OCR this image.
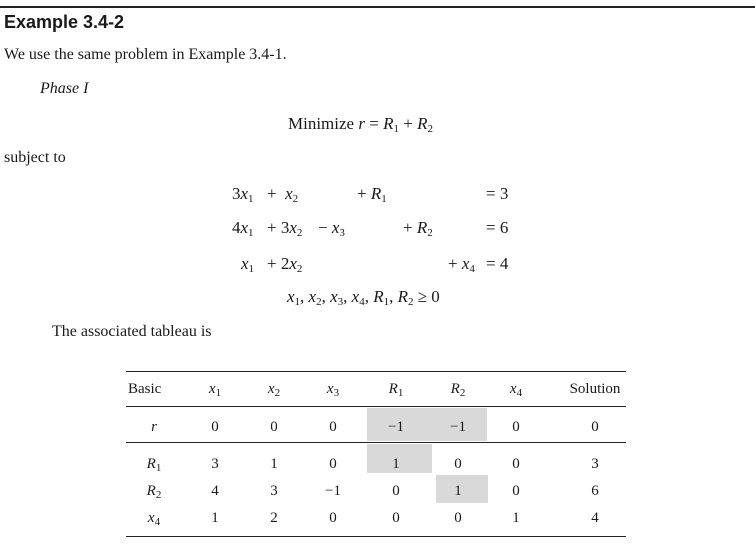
Example 3.4-2
We use the same problem in Example 3.4-1.
Phase I
Minimize $r = R_1 + R_2$
subject to
$3x_1 + x_2$	+ $R_1$	= 3
$4x_1 + 3x_2 - x_3$	+ $R_2$	= 6
$x_1 + 2x_2$	+ $x_4 = 4$
$x_1$, $x_2$, $x_3$, $x_4$, $R_1$, $R_2 \ge 0$
The associated tableau is
Basic	$x_1$	$x_2$	$x_3$	$R_1$	$R_2$	$x_4$	Solution
r	0	0	0	−1	−1	0	0
$R_1$	3	1	0	1	0	0	3
$R_2$	4	3	−1	0	1	0	6
$x_4$	1	2	0	0	0	1	4
